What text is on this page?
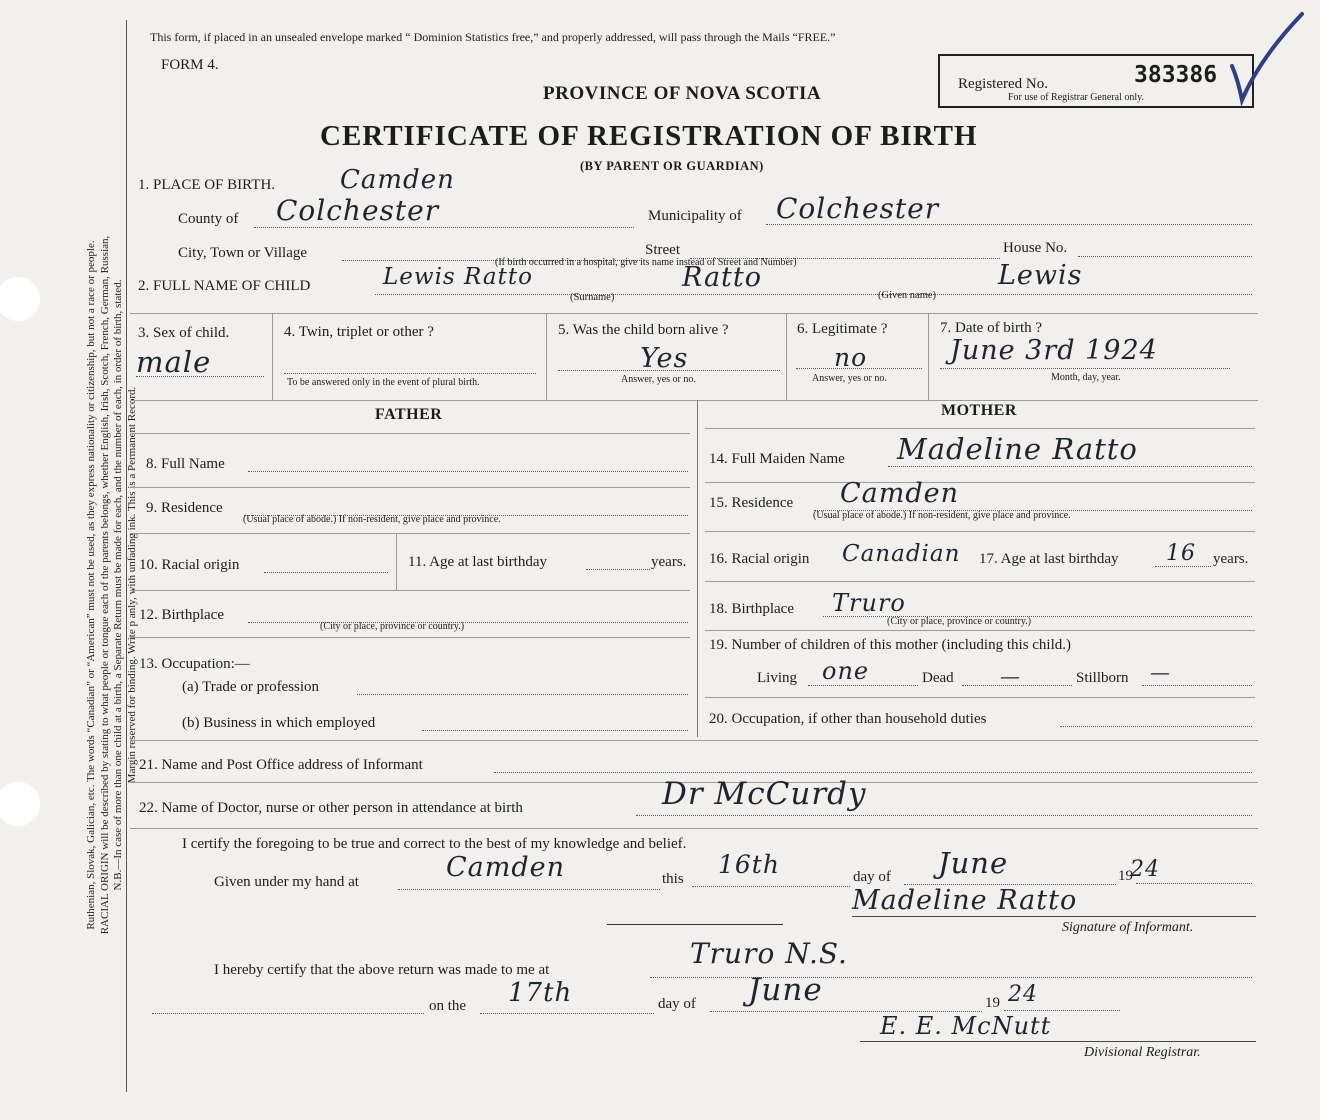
Ruthenian, Slovak, Galician, etc. The words “Canadian” or “American” must not be used, as they express nationality or citizenship, but not a race or people. RACIAL ORIGIN will be described by stating to what people or tongue each of the parents belongs, whether English, Irish, Scotch, French, German, Russian, N.B.—In case of more than one child at a birth, a Separate Return must be made for each, and the number of each, in order of birth, stated. Margin reserved for binding. Write p anly, with unfading ink. This is a Permanent Record.
This form, if placed in an unsealed envelope marked “ Dominion Statistics free,” and properly addressed, will pass through the Mails “FREE.”
FORM 4.
PROVINCE OF NOVA SCOTIA
CERTIFICATE OF REGISTRATION OF BIRTH
(BY PARENT OR GUARDIAN)
Registered No.	383386
For use of Registrar General only.
1. PLACE OF BIRTH. Camden
County of Colchester	Municipality of Colchester
City, Town or Village	Street	House No.
(If birth occurred in a hospital, give its name instead of Street and Number)
2. FULL NAME OF CHILD	Lewis Ratto	Ratto
(Surname)
Lewis
(Given name)
3. Sex of child.
male
4. Twin, triplet or other ?
To be answered only in the event of plural birth.
5. Was the child born alive ?
Yes
Answer, yes or no.
6. Legitimate ?
no
Answer, yes or no.
7. Date of birth ?
June 3rd 1924
Month, day, year.
FATHER	MOTHER
8. Full Name
9. Residence
(Usual place of abode.) If non-resident, give place and province.
10. Racial origin	11. Age at last birthday	years.
12. Birthplace
(City or place, province or country.)
13. Occupation:—
(a) Trade or profession
(b) Business in which employed
14. Full Maiden Name Madeline Ratto
15. Residence Camden
(Usual place of abode.) If non-resident, give place and province.
16. Racial origin Canadian 17. Age at last birthday 16 years.
18. Birthplace Truro
(City or place, province or country.)
19. Number of children of this mother (including this child.)
Living one	Dead —	Stillborn —
20. Occupation, if other than household duties
21. Name and Post Office address of Informant
22. Name of Doctor, nurse or other person in attendance at birth	Dr McCurdy
I certify the foregoing to be true and correct to the best of my knowledge and belief.
Given under my hand at	Camden	this 16th	day of June	19
24
Madeline Ratto
Signature of Informant.
I hereby certify that the above return was made to me at	Truro N.S.
on the 17th	day of June	19 24
E. E. McNutt
Divisional Registrar.
